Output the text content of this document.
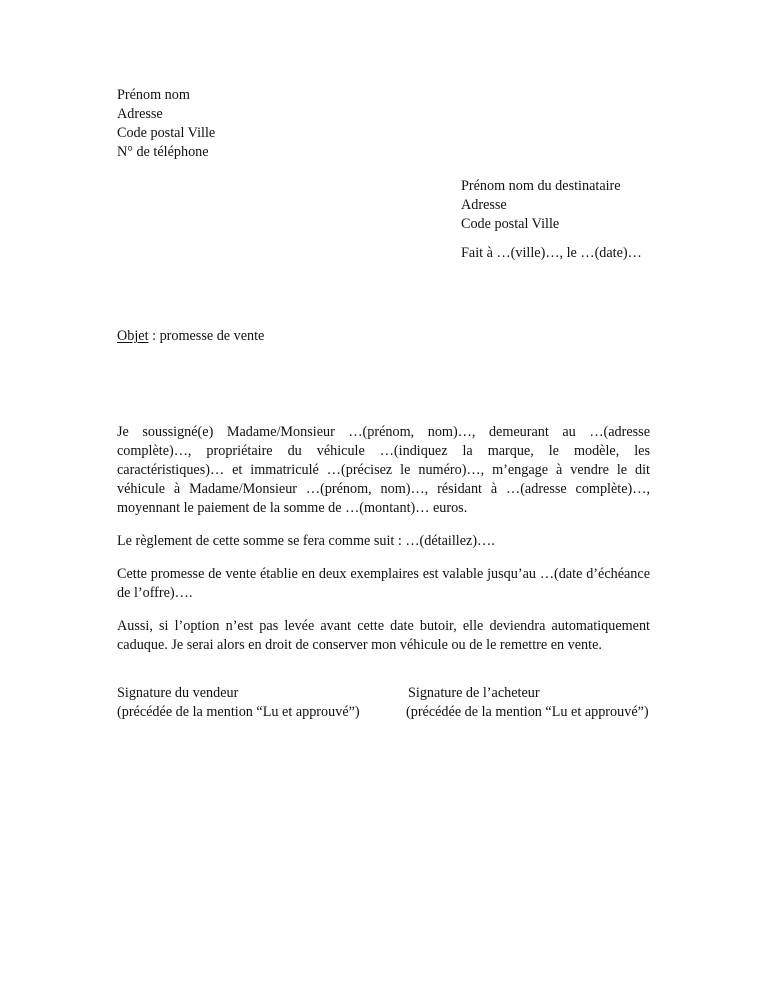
Prénom nom
Adresse
Code postal Ville
N° de téléphone
Prénom nom du destinataire
Adresse
Code postal Ville
Fait à …(ville)…, le …(date)…
Objet : promesse de vente

Je soussigné(e) Madame/Monsieur …(prénom, nom)…, demeurant au …(adresse complète)…, propriétaire du véhicule …(indiquez la marque, le modèle, les caractéristiques)… et immatriculé …(précisez le numéro)…, m’engage à vendre le dit véhicule à Madame/Monsieur …(prénom, nom)…, résidant à …(adresse complète)…, moyennant le paiement de la somme de …(montant)… euros.

Le règlement de cette somme se fera comme suit : …(détaillez)….

Cette promesse de vente établie en deux exemplaires est valable jusqu’au …(date d’échéance de l’offre)….

Aussi, si l’option n’est pas levée avant cette date butoir, elle deviendra automatiquement caduque. Je serai alors en droit de conserver mon véhicule ou de le remettre en vente.

Signature du vendeur
(précédée de la mention “Lu et approuvé”)
Signature de l’acheteur
(précédée de la mention “Lu et approuvé”)
